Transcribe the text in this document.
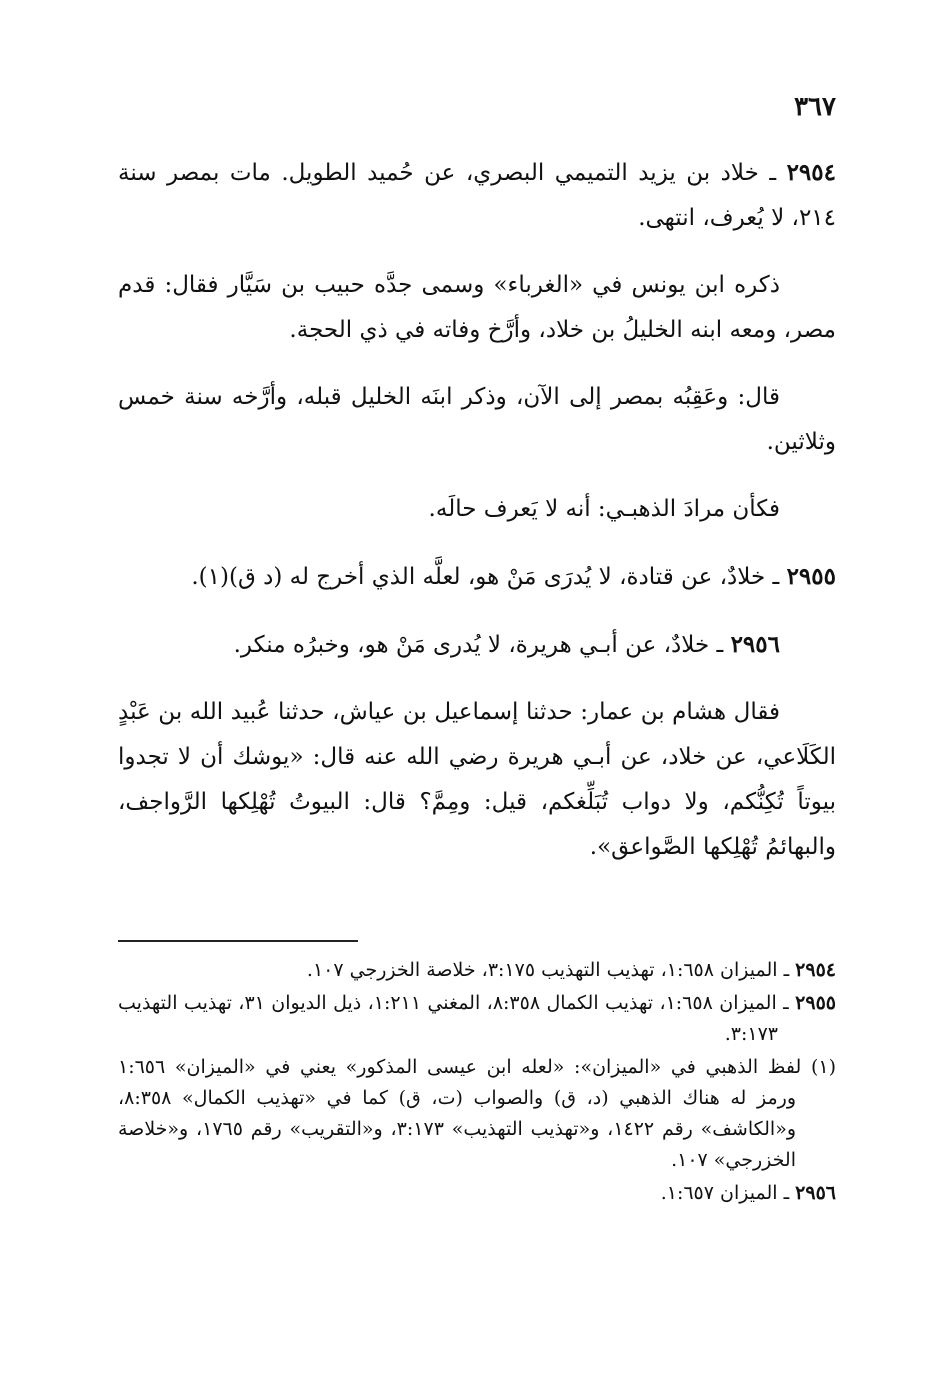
٣٦٧

٢٩٥٤ ـ خلاد بن يزيد التميمي البصري، عن حُميد الطويل. مات بمصر سنة ٢١٤، لا يُعرف، انتهى.

ذكره ابن يونس في «الغرباء» وسمى جدَّه حبيب بن سَيَّار فقال: قدم مصر، ومعه ابنه الخليلُ بن خلاد، وأرَّخ وفاته في ذي الحجة.

قال: وعَقِبُه بمصر إلى الآن، وذكر ابنَه الخليل قبله، وأرَّخه سنة خمس وثلاثين.

فكأن مرادَ الذهبـي: أنه لا يَعرف حالَه.

٢٩٥٥ ـ خلادٌ، عن قتادة، لا يُدرَى مَنْ هو، لعلَّه الذي أخرج له (د ق)(١).

٢٩٥٦ ـ خلادٌ، عن أبـي هريرة، لا يُدرى مَنْ هو، وخبرُه منكر.

فقال هشام بن عمار: حدثنا إسماعيل بن عياش، حدثنا عُبيد الله بن عَبْدٍ الكَلَاعي، عن خلاد، عن أبـي هريرة رضي الله عنه قال: «يوشك أن لا تجدوا بيوتاً تُكِنُّكم، ولا دواب تُبَلِّغكم، قيل: ومِمَّ؟ قال: البيوتُ تُهْلِكها الرَّواجف، والبهائمُ تُهْلِكها الصَّواعق».

٢٩٥٤ ـ الميزان ١:٦٥٨، تهذيب التهذيب ٣:١٧٥، خلاصة الخزرجي ١٠٧.

٢٩٥٥ ـ الميزان ١:٦٥٨، تهذيب الكمال ٨:٣٥٨، المغني ١:٢١١، ذيل الديوان ٣١، تهذيب التهذيب ٣:١٧٣.

(١) لفظ الذهبي في «الميزان»: «لعله ابن عيسى المذكور» يعني في «الميزان» ١:٦٥٦ ورمز له هناك الذهبي (د، ق) والصواب (ت، ق) كما في «تهذيب الكمال» ٨:٣٥٨، و«الكاشف» رقم ١٤٢٢، و«تهذيب التهذيب» ٣:١٧٣، و«التقريب» رقم ١٧٦٥، و«خلاصة الخزرجي» ١٠٧.

٢٩٥٦ ـ الميزان ١:٦٥٧.
